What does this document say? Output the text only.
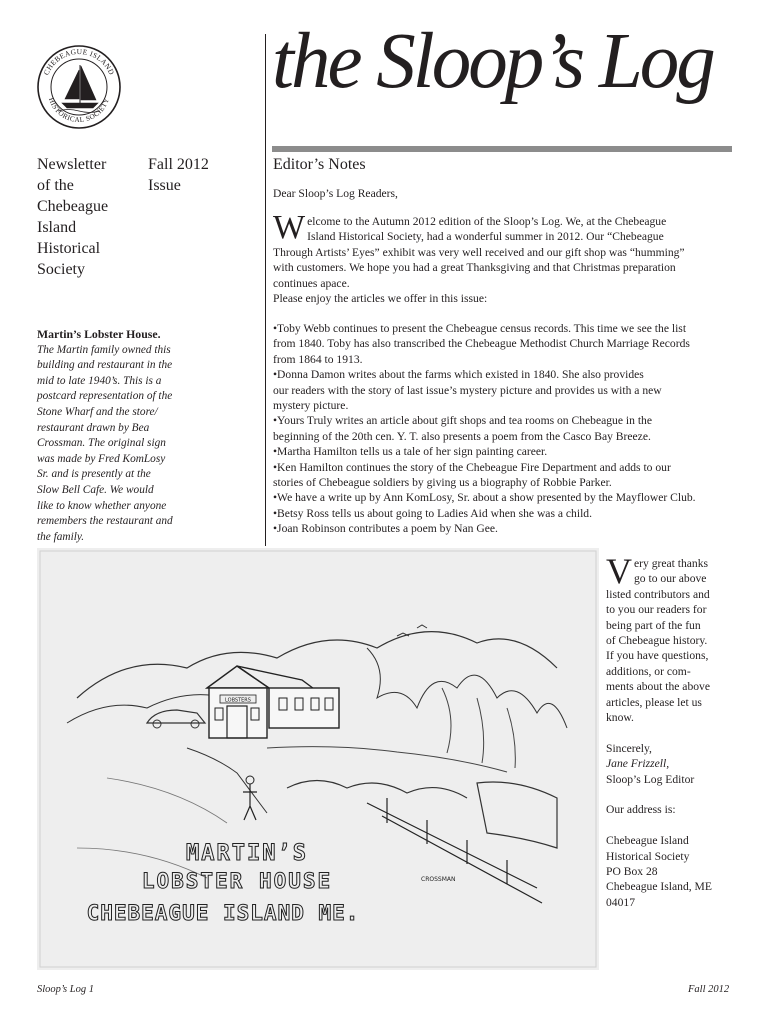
CHEBEAGUE ISLAND
HISTORICAL SOCIETY the Sloop’s Log
Newsletter
of the
Chebeague
Island
Historical
Society
Fall 2012
Issue
Martin’s Lobster House.
The Martin family owned this
building and restaurant in the
mid to late 1940’s. This is a
postcard representation of the
Stone Wharf and the store/
restaurant drawn by Bea
Crossman. The original sign
was made by Fred KomLosy
Sr. and is presently at the
Slow Bell Cafe. We would
like to know whether anyone
remembers the restaurant and
the family.
Editor’s Notes
Dear Sloop’s Log Readers,
W elcome to the Autumn 2012 edition of the Sloop’s Log. We, at the Chebeague
Island Historical Society, had a wonderful summer in 2012. Our “Chebeague
Through Artists’ Eyes” exhibit was very well received and our gift shop was “humming”
with customers. We hope you had a great Thanksgiving and that Christmas preparation
continues apace.
Please enjoy the articles we offer in this issue:
•Toby Webb continues to present the Chebeague census records. This time we see the list
from 1840. Toby has also transcribed the Chebeague Methodist Church Marriage Records
from 1864 to 1913.
•Donna Damon writes about the farms which existed in 1840. She also provides
our readers with the story of last issue’s mystery picture and provides us with a new
mystery picture.
•Yours Truly writes an article about gift shops and tea rooms on Chebeague in the
beginning of the 20th cen. Y. T. also presents a poem from the Casco Bay Breeze.
•Martha Hamilton tells us a tale of her sign painting career.
•Ken Hamilton continues the story of the Chebeague Fire Department and adds to our
stories of Chebeague soldiers by giving us a biography of Robbie Parker.
•We have a write up by Ann KomLosy, Sr. about a show presented by the Mayflower Club.
•Betsy Ross tells us about going to Ladies Aid when she was a child.
•Joan Robinson contributes a poem by Nan Gee.
LOBSTERS
MARTIN’S
LOBSTER HOUSE
CHEBEAGUE ISLAND ME.
CROSSMAN
V ery great thanks
go to our above
listed contributors and
to you our readers for
being part of the fun
of Chebeague history.
If you have questions,
additions, or com-
ments about the above
articles, please let us
know.
Sincerely,
Jane Frizzell,
Sloop’s Log Editor
Our address is:
Chebeague Island
Historical Society
PO Box 28
Chebeague Island, ME
04017
Sloop’s Log 1	Fall 2012
